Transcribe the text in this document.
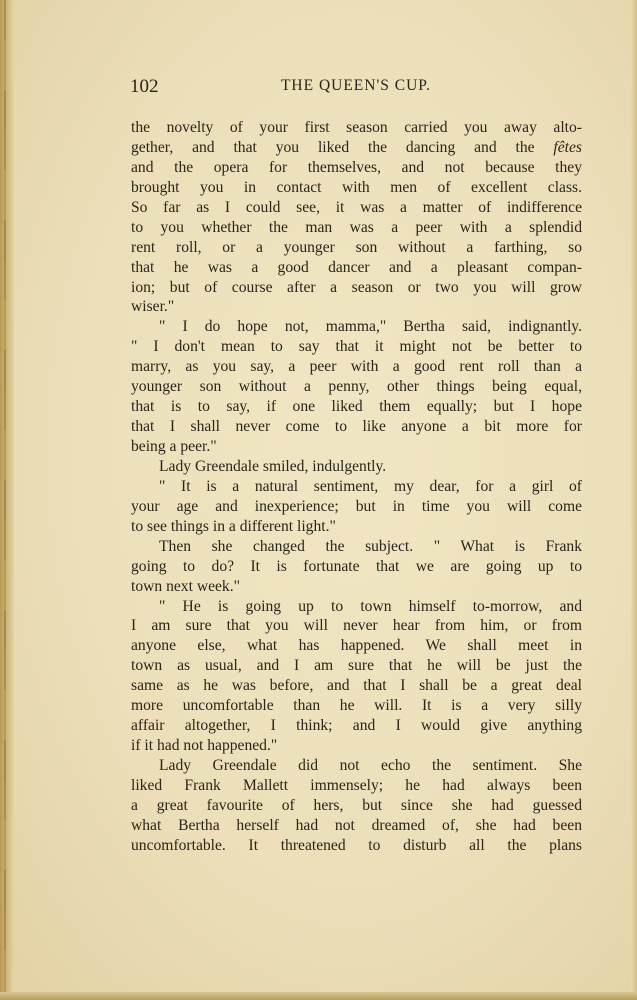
102	THE QUEEN'S CUP.
the novelty of your first season carried you away alto-
gether, and that you liked the dancing and the fêtes
and the opera for themselves, and not because they
brought you in contact with men of excellent class.
So far as I could see, it was a matter of indifference
to you whether the man was a peer with a splendid
rent roll, or a younger son without a farthing, so
that he was a good dancer and a pleasant compan-
ion; but of course after a season or two you will grow
wiser."
" I do hope not, mamma," Bertha said, indignantly.
" I don't mean to say that it might not be better to
marry, as you say, a peer with a good rent roll than a
younger son without a penny, other things being equal,
that is to say, if one liked them equally; but I hope
that I shall never come to like anyone a bit more for
being a peer."
Lady Greendale smiled, indulgently.
" It is a natural sentiment, my dear, for a girl of
your age and inexperience; but in time you will come
to see things in a different light."
Then she changed the subject. " What is Frank
going to do? It is fortunate that we are going up to
town next week."
" He is going up to town himself to-morrow, and
I am sure that you will never hear from him, or from
anyone else, what has happened. We shall meet in
town as usual, and I am sure that he will be just the
same as he was before, and that I shall be a great deal
more uncomfortable than he will. It is a very silly
affair altogether, I think; and I would give anything
if it had not happened."
Lady Greendale did not echo the sentiment. She
liked Frank Mallett immensely; he had always been
a great favourite of hers, but since she had guessed
what Bertha herself had not dreamed of, she had been
uncomfortable. It threatened to disturb all the plans
